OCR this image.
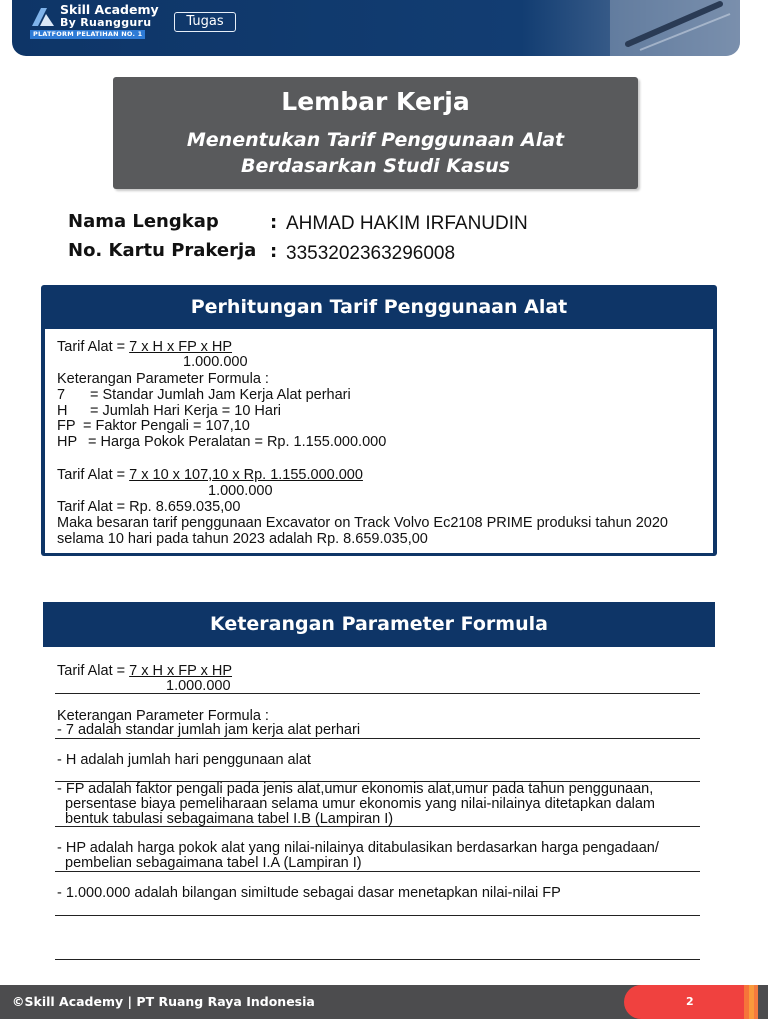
Skill Academy
By Ruangguru
PLATFORM PELATIHAN NO. 1
Tugas
Lembar Kerja
Menentukan Tarif Penggunaan Alat
Berdasarkan Studi Kasus
Nama Lengkap	: AHMAD HAKIM IRFANUDIN
No. Kartu Prakerja : 3353202363296008
Perhitungan Tarif Penggunaan Alat
Tarif Alat = 7 x H x FP x HP
1.000.000
Keterangan Parameter Formula :
7 = Standar Jumlah Jam Kerja Alat perhari
H = Jumlah Hari Kerja = 10 Hari
FP = Faktor Pengali = 107,10
HP = Harga Pokok Peralatan = Rp. 1.155.000.000
Tarif Alat = 7 x 10 x 107,10 x Rp. 1.155.000.000
1.000.000
Tarif Alat = Rp. 8.659.035,00
Maka besaran tarif penggunaan Excavator on Track Volvo Ec2108 PRIME produksi tahun 2020
selama 10 hari pada tahun 2023 adalah Rp. 8.659.035,00
Keterangan Parameter Formula
Tarif Alat = 7 x H x FP x HP
1.000.000
Keterangan Parameter Formula :
- 7 adalah standar jumlah jam kerja alat perhari
- H adalah jumlah hari penggunaan alat
- FP adalah faktor pengali pada jenis alat,umur ekonomis alat,umur pada tahun penggunaan,
persentase biaya pemeliharaan selama umur ekonomis yang nilai-nilainya ditetapkan dalam
bentuk tabulasi sebagaimana tabel I.B (Lampiran I)
- HP adalah harga pokok alat yang nilai-nilainya ditabulasikan berdasarkan harga pengadaan/
pembelian sebagaimana tabel I.A (Lampiran I)
- 1.000.000 adalah bilangan simiItude sebagai dasar menetapkan nilai-nilai FP
©Skill Academy | PT Ruang Raya Indonesia	2
